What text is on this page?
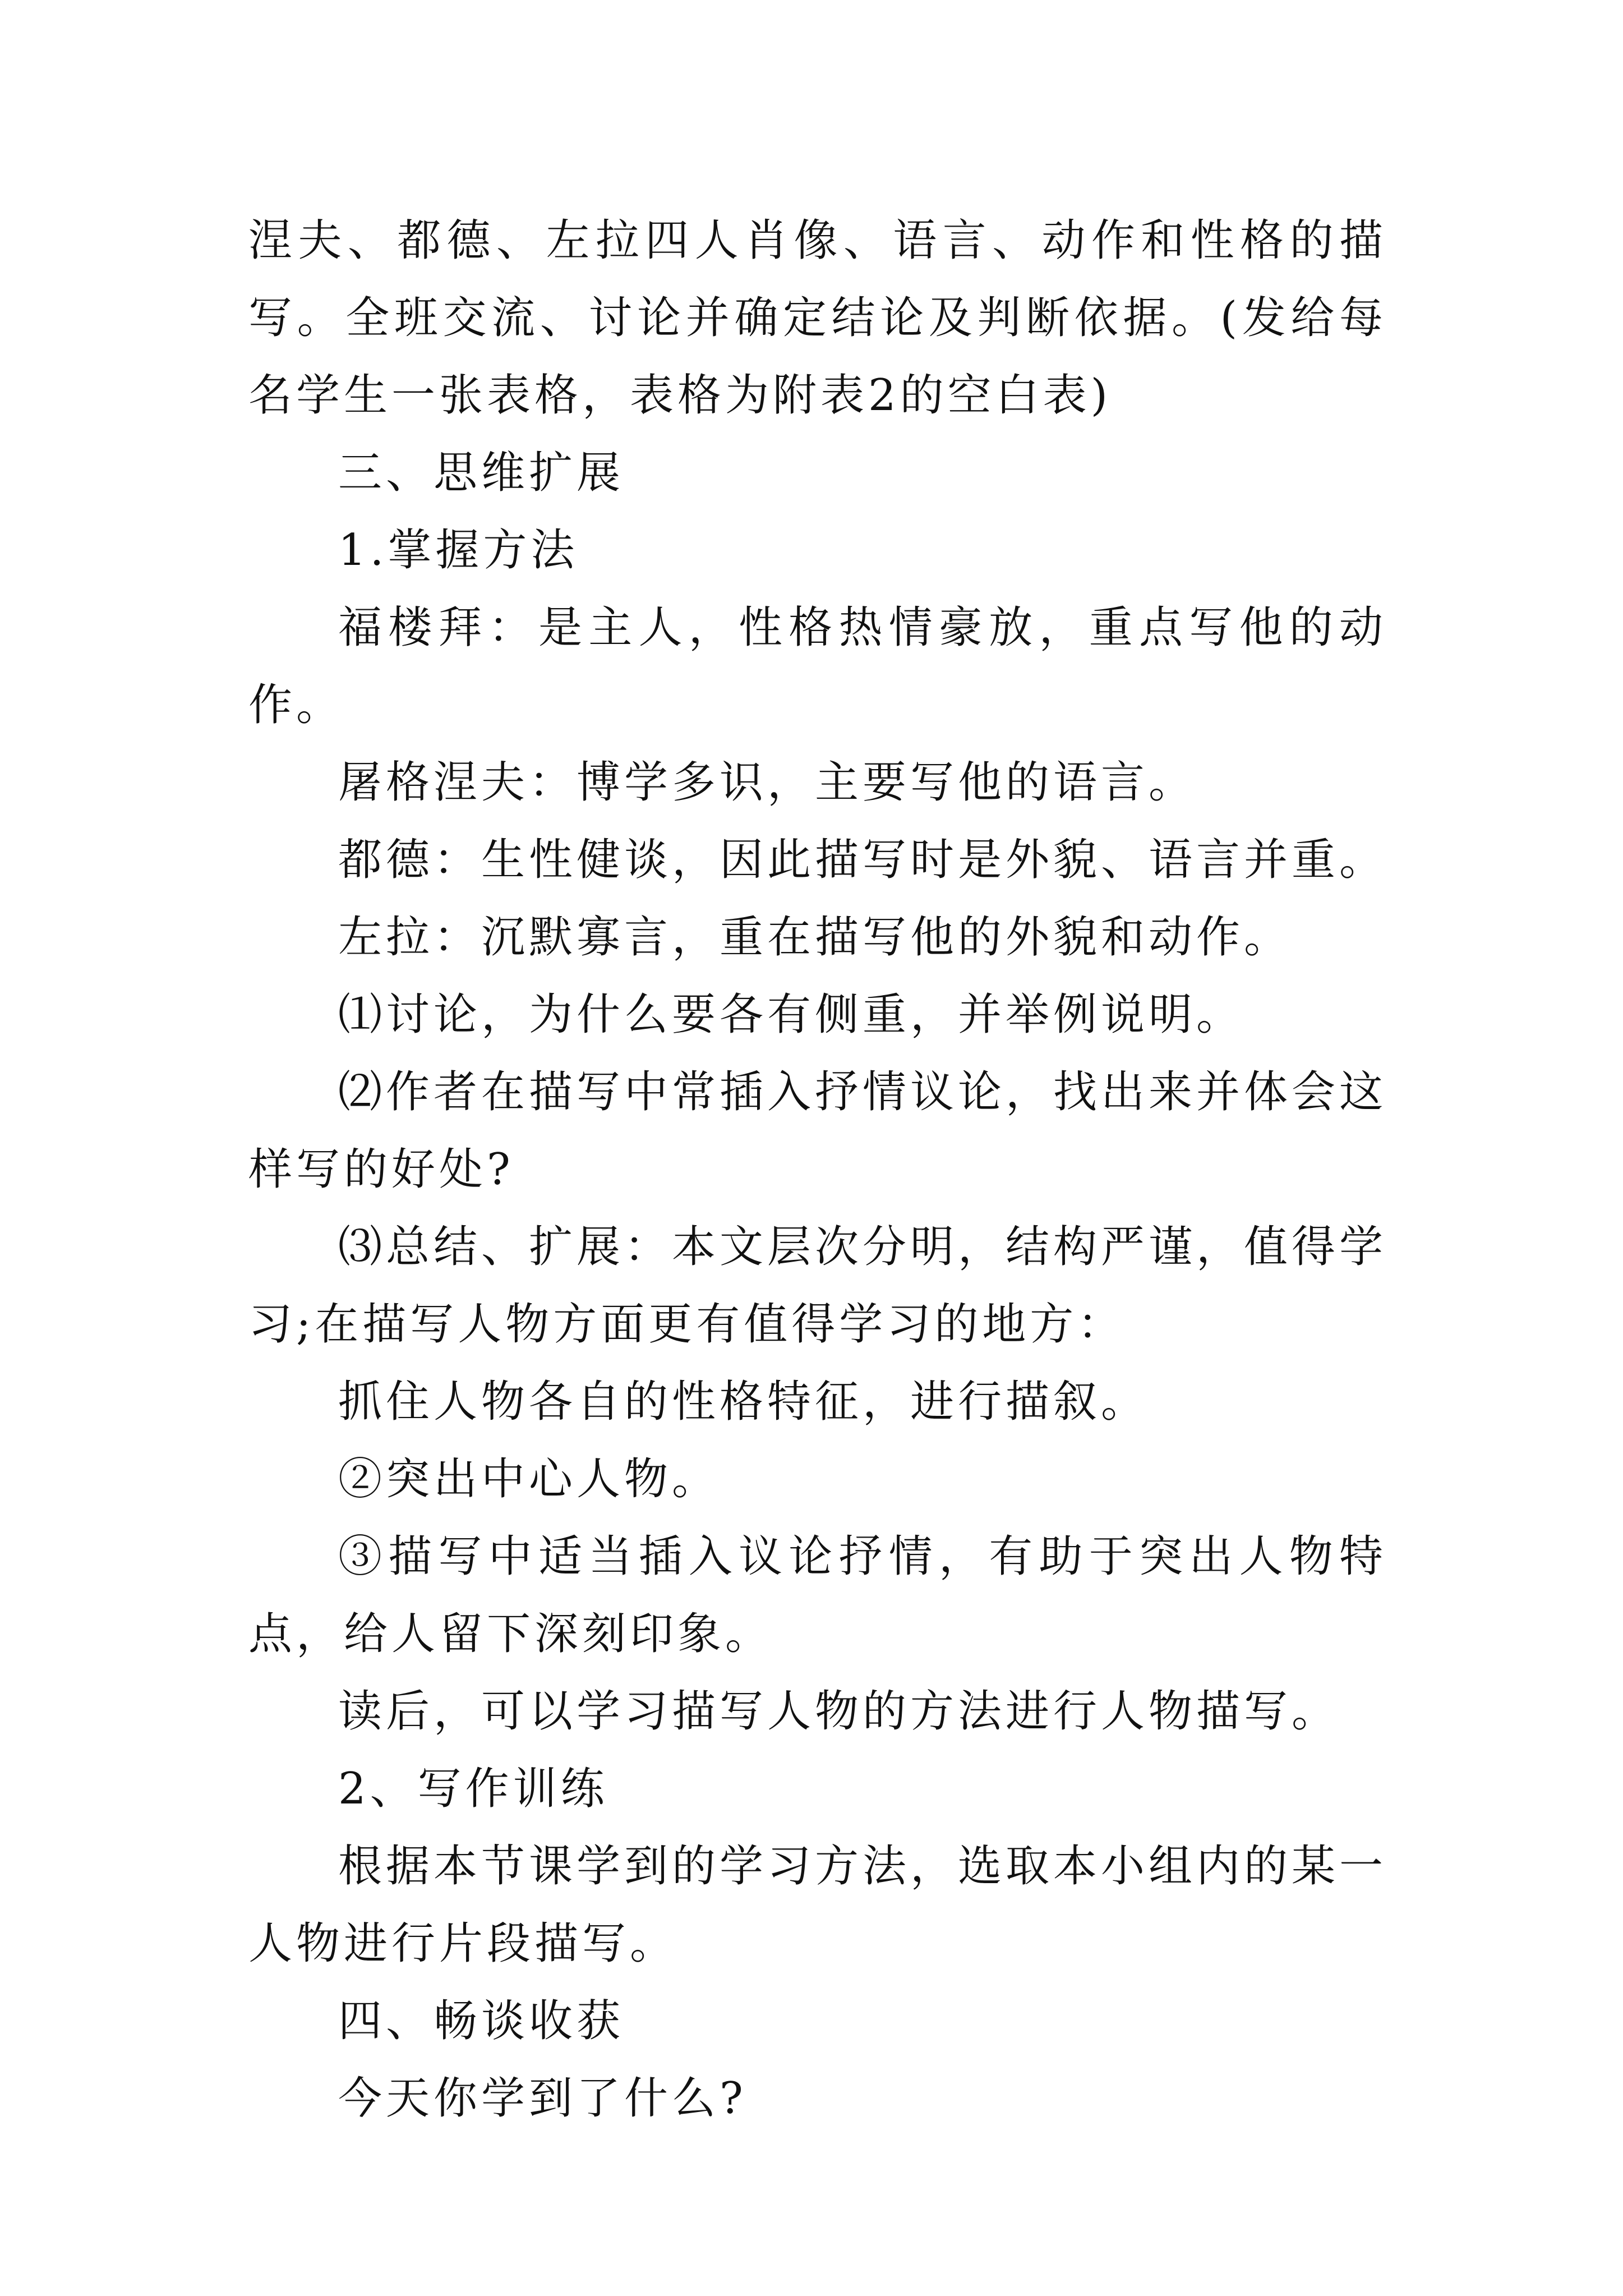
涅夫、都德、左拉四人肖像、语言、动作和性格的描写。全班交流、讨论并确定结论及判断依据。(发给每名学生一张表格，表格为附表2的空白表)

三、思维扩展

1.掌握方法

福楼拜：是主人，性格热情豪放，重点写他的动作。

屠格涅夫：博学多识，主要写他的语言。

都德：生性健谈，因此描写时是外貌、语言并重。

左拉：沉默寡言，重在描写他的外貌和动作。

⑴讨论，为什么要各有侧重，并举例说明。

⑵作者在描写中常插入抒情议论，找出来并体会这样写的好处?

⑶总结、扩展：本文层次分明，结构严谨，值得学习;在描写人物方面更有值得学习的地方：

抓住人物各自的性格特征，进行描叙。

②突出中心人物。

③描写中适当插入议论抒情，有助于突出人物特点，给人留下深刻印象。

读后，可以学习描写人物的方法进行人物描写。

2、写作训练

根据本节课学到的学习方法，选取本小组内的某一人物进行片段描写。

四、畅谈收获

今天你学到了什么?
